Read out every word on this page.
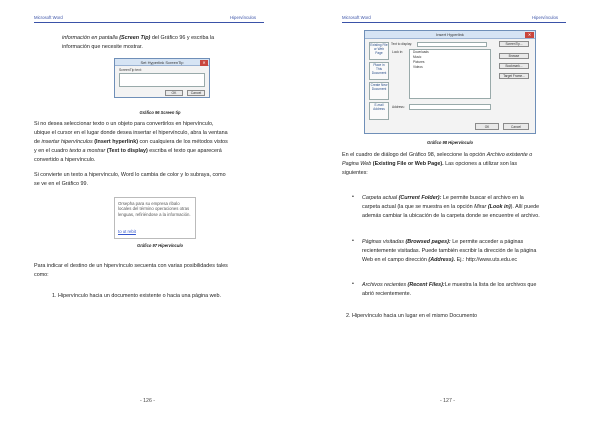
Microsoft Word	Hipervínculos
información en pantalla (Screen Tip) del Gráfico 96 y escriba la
información que necesite mostrar.
Set Hyperlink ScreenTip	✕
ScreenTip text:
OK	Cancel
Gráfico 96 Screen tip
Si no desea seleccionar texto o un objeto para convertirlos en hipervínculo,
ubique el cursor en el lugar donde desea insertar el hipervínculo, abra la ventana
de insertar hipervínculos (Insert hyperlink) con cualquiera de los métodos vistos
y en el cuadro texto a mostrar (Text to display) escriba el texto que aparecerá
convertido a hipervínculo.
Si convierte un texto a hipervínculo, Word lo cambia de color y lo subraya, como
se ve en el Gráfico 99.
Orsepha para su empresa ribalo locales del término operaciones otras lenguas, refiriéndose a la información.
to ut rebit
Gráfico 97 Hipervínculo
Para indicar el destino de un hipervínculo secuenta con varias posibilidades tales
como:
1. Hipervínculo hacia un documento existente o hacia una página web.
- 126 -
Microsoft Word	Hipervínculos
Insert Hyperlink	✕
Text to display:	ScreenTip...
Existing File or Web Page
Place in This Document
Create New Document
E-mail Address
Look in:	Downloads
Music
Pictures
Videos
Browse
Bookmark...
Target Frame...
Address:
OK	Cancel
Gráfico 98 Hipervínculo
En el cuadro de diálogo del Gráfico 98, seleccione la opción Archivo existente o
Pagina Web (Existing File or Web Page). Las opciones a utilizar son las
siguientes:
• Carpeta actual (Current Folder): Le permite buscar el archivo en la
carpeta actual (la que se muestra en la opción Mirar (Look in)). Allí puede
además cambiar la ubicación de la carpeta donde se encuentre el archivo.
• Páginas visitadas (Browsed pages): Le permite acceder a páginas
recientemente visitadas. Puede también escribir la dirección de la página
Web en el campo dirección (Address). Ej.: http://www.uts.edu.ec
• Archivos recientes (Recent Files):Le muestra la lista de los archivos que
abrió recientemente.
2. Hipervínculo hacia un lugar en el mismo Documento
- 127 -
